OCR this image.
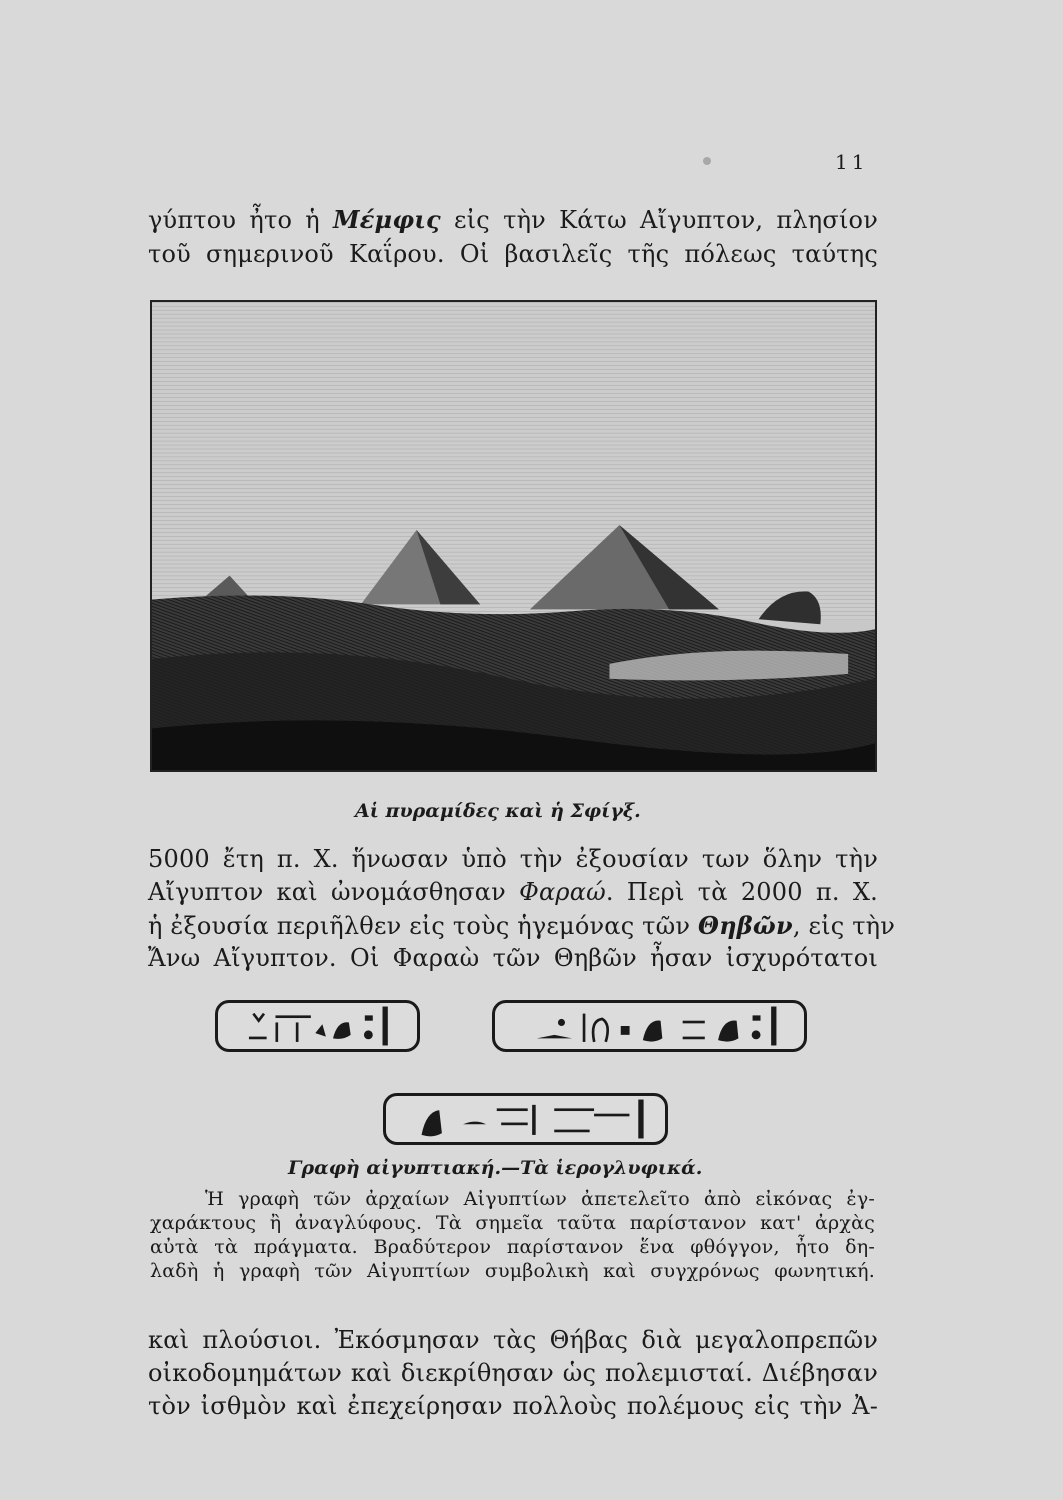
11
γύπτου ἦτο ἡ Μέμφις εἰς τὴν Κάτω Αἴγυπτον, πλησίον
τοῦ σημερινοῦ Καΐρου. Οἱ βασιλεῖς τῆς πόλεως ταύτης
Αἱ πυραμίδες καὶ ἡ Σφίγξ.
5000 ἔτη π. Χ. ἥνωσαν ὑπὸ τὴν ἐξουσίαν των ὅλην τὴν
Αἴγυπτον καὶ ὠνομάσθησαν Φαραώ. Περὶ τὰ 2000 π. Χ.
ἡ ἐξουσία περιῆλθεν εἰς τοὺς ἡγεμόνας τῶν Θηβῶν, εἰς τὴν
Ἄνω Αἴγυπτον. Οἱ Φαραὼ τῶν Θηβῶν ἦσαν ἰσχυρότατοι
Γραφὴ αἰγυπτιακή.—Τὰ ἱερογλυφικά.
Ἡ γραφὴ τῶν ἀρχαίων Αἰγυπτίων ἀπετελεῖτο ἀπὸ εἰκόνας ἐγ-
χαράκτους ἢ ἀναγλύφους. Τὰ σημεῖα ταῦτα παρίστανον κατ' ἀρχὰς
αὐτὰ τὰ πράγματα. Βραδύτερον παρίστανον ἕνα φθόγγον, ἦτο δη-
λαδὴ ἡ γραφὴ τῶν Αἰγυπτίων συμβολικὴ καὶ συγχρόνως φωνητική.
καὶ πλούσιοι. Ἐκόσμησαν τὰς Θήβας διὰ μεγαλοπρεπῶν
οἰκοδομημάτων καὶ διεκρίθησαν ὡς πολεμισταί. Διέβησαν
τὸν ἰσθμὸν καὶ ἐπεχείρησαν πολλοὺς πολέμους εἰς τὴν Ἀ-
